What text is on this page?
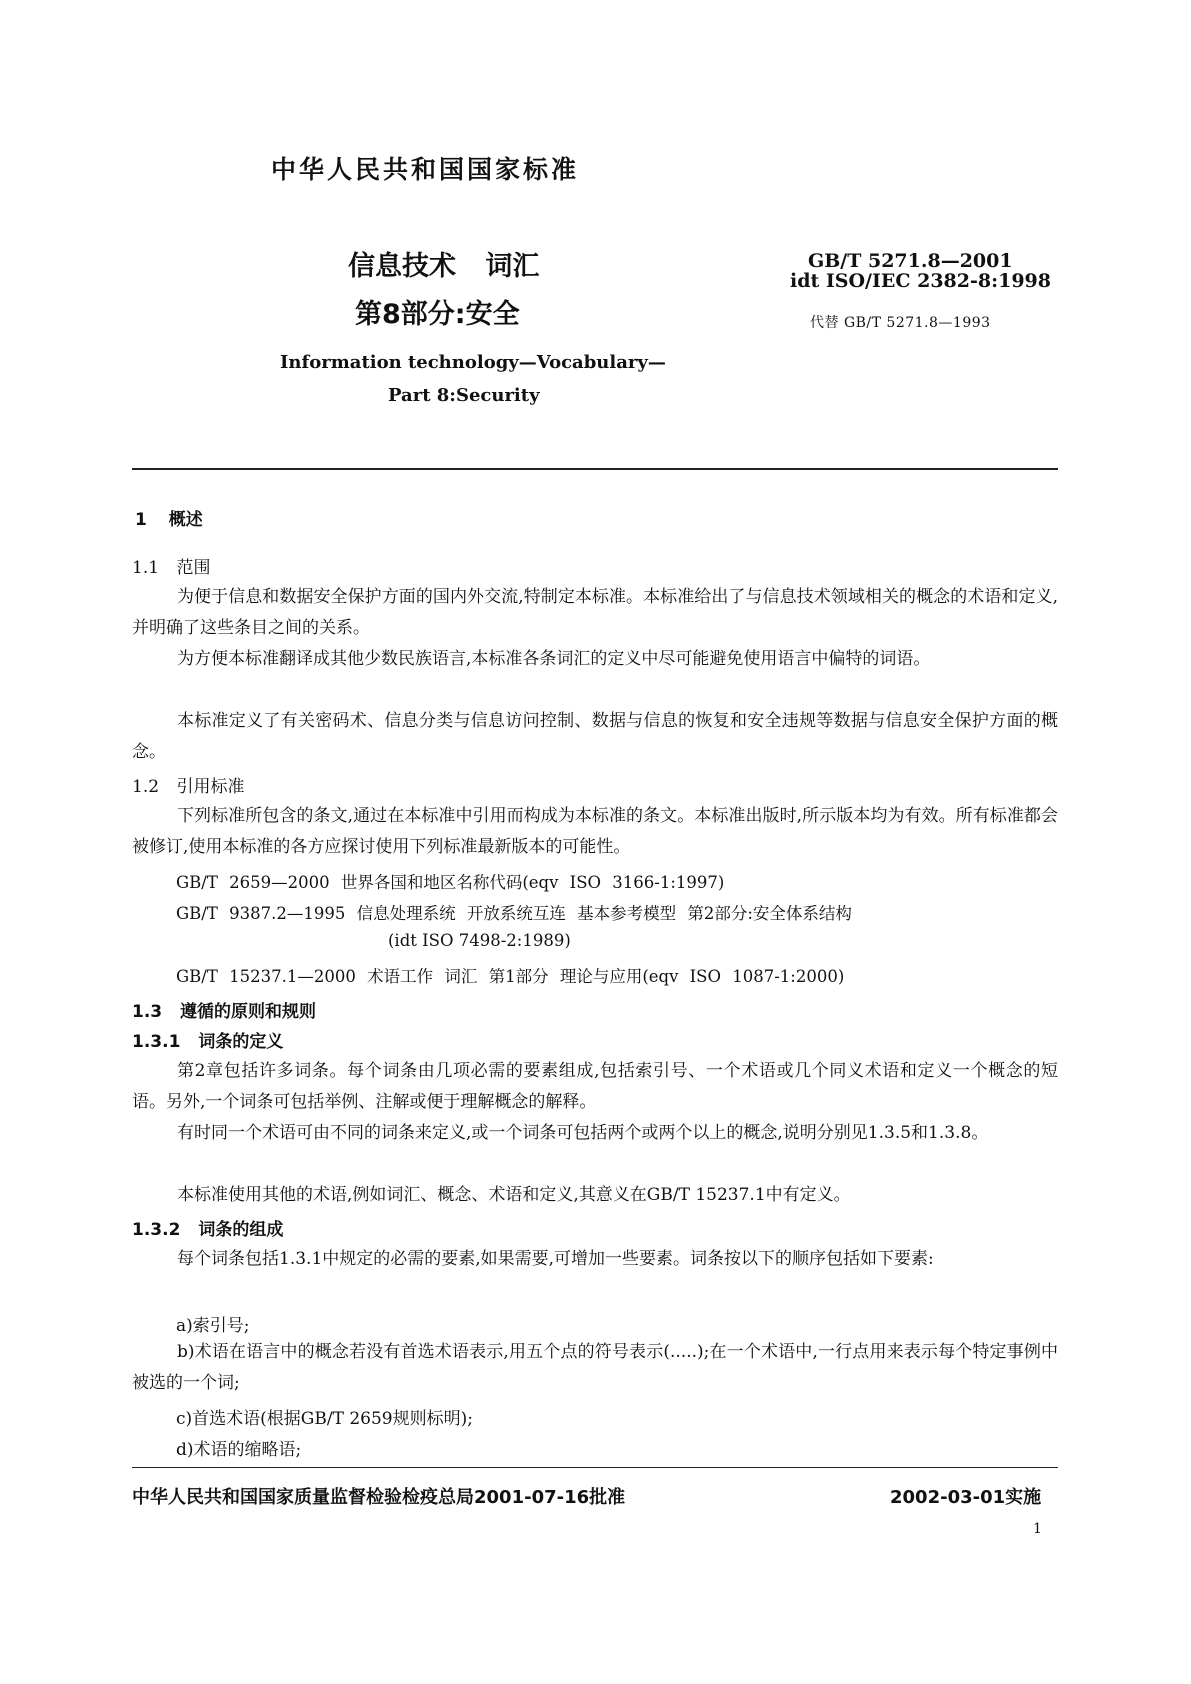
中华人民共和国国家标准
信息技术 词汇
第8部分:安全
GB/T 5271.8—2001
idt ISO/IEC 2382-8:1998
代替 GB/T 5271.8—1993
Information technology—Vocabulary—
Part 8:Security
1 概述
1.1 范围
为便于信息和数据安全保护方面的国内外交流,特制定本标准。本标准给出了与信息技术领域相关的概念的术语和定义,并明确了这些条目之间的关系。
为方便本标准翻译成其他少数民族语言,本标准各条词汇的定义中尽可能避免使用语言中偏特的词语。
本标准定义了有关密码术、信息分类与信息访问控制、数据与信息的恢复和安全违规等数据与信息安全保护方面的概念。
1.2 引用标准
下列标准所包含的条文,通过在本标准中引用而构成为本标准的条文。本标准出版时,所示版本均为有效。所有标准都会被修订,使用本标准的各方应探讨使用下列标准最新版本的可能性。
GB/T 2659—2000 世界各国和地区名称代码(eqv ISO 3166-1:1997)
GB/T 9387.2—1995 信息处理系统 开放系统互连 基本参考模型 第2部分:安全体系结构
(idt ISO 7498-2:1989)
GB/T 15237.1—2000 术语工作 词汇 第1部分 理论与应用(eqv ISO 1087-1:2000)
1.3 遵循的原则和规则
1.3.1 词条的定义
第2章包括许多词条。每个词条由几项必需的要素组成,包括索引号、一个术语或几个同义术语和定义一个概念的短语。另外,一个词条可包括举例、注解或便于理解概念的解释。
有时同一个术语可由不同的词条来定义,或一个词条可包括两个或两个以上的概念,说明分别见1.3.5和1.3.8。
本标准使用其他的术语,例如词汇、概念、术语和定义,其意义在GB/T 15237.1中有定义。
1.3.2 词条的组成
每个词条包括1.3.1中规定的必需的要素,如果需要,可增加一些要素。词条按以下的顺序包括如下要素:
a)索引号;
b)术语在语言中的概念若没有首选术语表示,用五个点的符号表示(.....);在一个术语中,一行点用来表示每个特定事例中被选的一个词;
c)首选术语(根据GB/T 2659规则标明);
d)术语的缩略语;
中华人民共和国国家质量监督检验检疫总局2001-07-16批准	2002-03-01实施
1
